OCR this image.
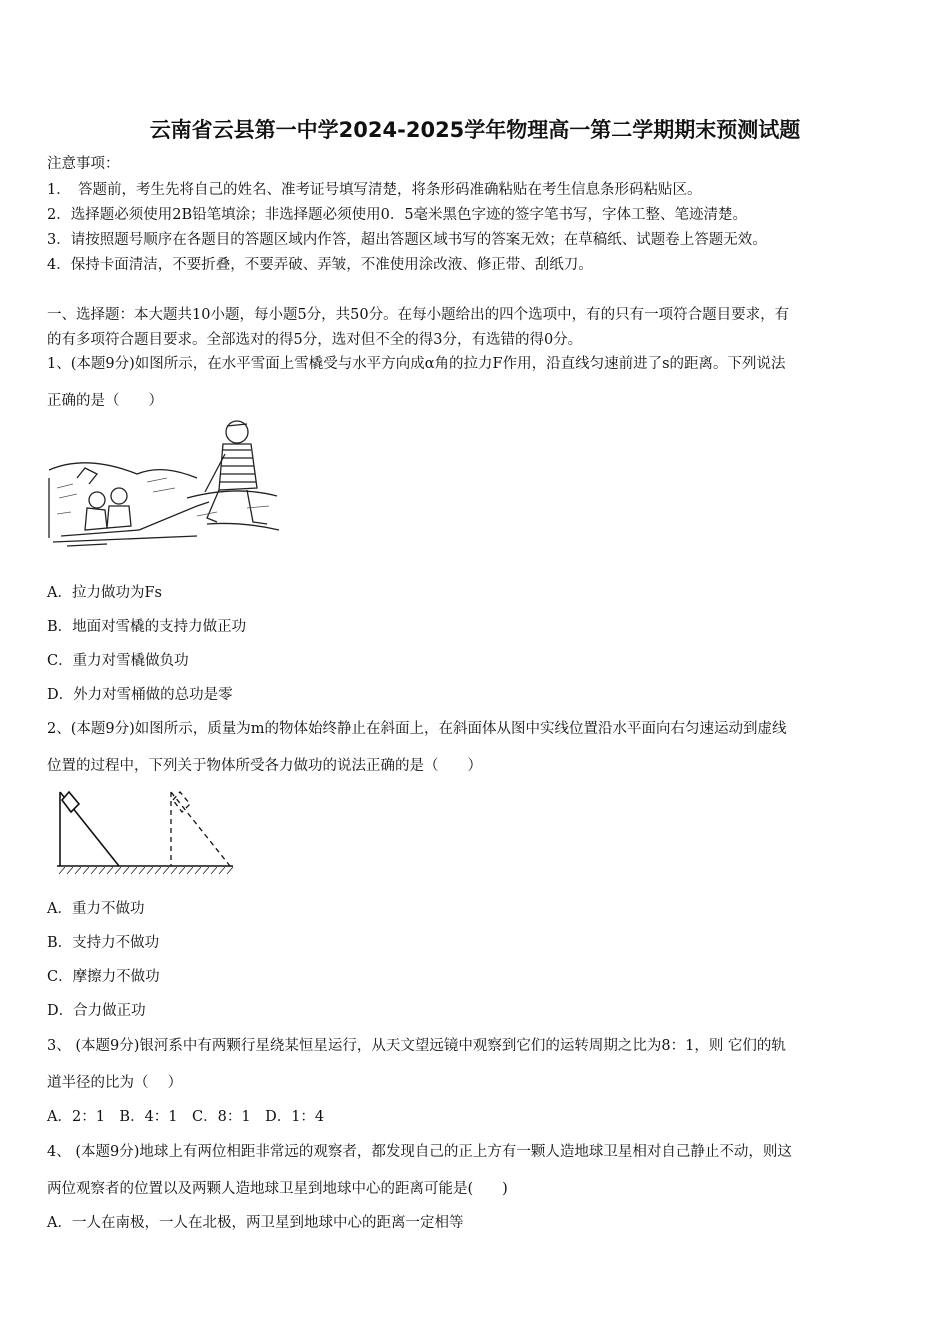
云南省云县第一中学2024-2025学年物理高一第二学期期末预测试题
注意事项：
1．　答题前，考生先将自己的姓名、准考证号填写清楚，将条形码准确粘贴在考生信息条形码粘贴区。
2．选择题必须使用2B铅笔填涂；非选择题必须使用0．5毫米黑色字迹的签字笔书写，字体工整、笔迹清楚。
3．请按照题号顺序在各题目的答题区域内作答，超出答题区域书写的答案无效；在草稿纸、试题卷上答题无效。
4．保持卡面清洁，不要折叠，不要弄破、弄皱，不准使用涂改液、修正带、刮纸刀。
一、选择题：本大题共10小题，每小题5分，共50分。在每小题给出的四个选项中，有的只有一项符合题目要求，有
的有多项符合题目要求。全部选对的得5分，选对但不全的得3分，有选错的得0分。
1、(本题9分)如图所示，在水平雪面上雪橇受与水平方向成α角的拉力F作用，沿直线匀速前进了s的距离。下列说法
正确的是（　　）
A．拉力做功为Fs
B．地面对雪橇的支持力做正功
C．重力对雪橇做负功
D．外力对雪桶做的总功是零
2、(本题9分)如图所示，质量为m的物体始终静止在斜面上，在斜面体从图中实线位置沿水平面向右匀速运动到虚线
位置的过程中，下列关于物体所受各力做功的说法正确的是（　　）
A．重力不做功
B．支持力不做功
C．摩擦力不做功
D．合力做正功
3、 (本题9分)银河系中有两颗行星绕某恒星运行，从天文望远镜中观察到它们的运转周期之比为8：1，则 它们的轨
道半径的比为（　 ）
A．2：1　B．4：1　C．8：1　D．1：4
4、 (本题9分)地球上有两位相距非常远的观察者，都发现自己的正上方有一颗人造地球卫星相对自己静止不动，则这
两位观察者的位置以及两颗人造地球卫星到地球中心的距离可能是(　　)
A．一人在南极，一人在北极，两卫星到地球中心的距离一定相等
